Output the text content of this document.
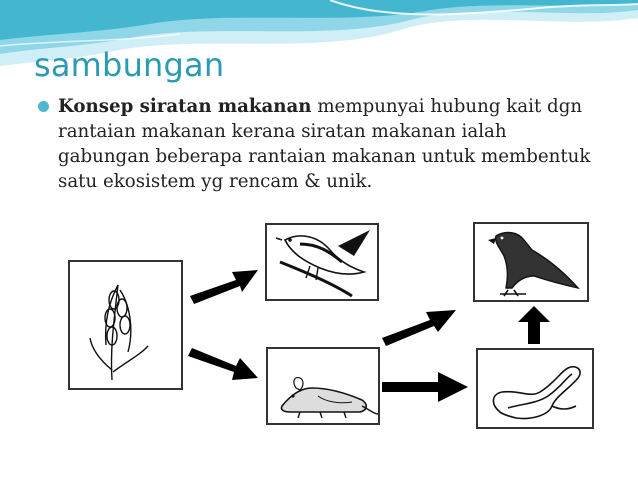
sambungan
Konsep siratan makanan mempunyai hubung kait dgn rantaian makanan kerana siratan makanan ialah gabungan beberapa rantaian makanan untuk membentuk satu ekosistem yg rencam & unik.
